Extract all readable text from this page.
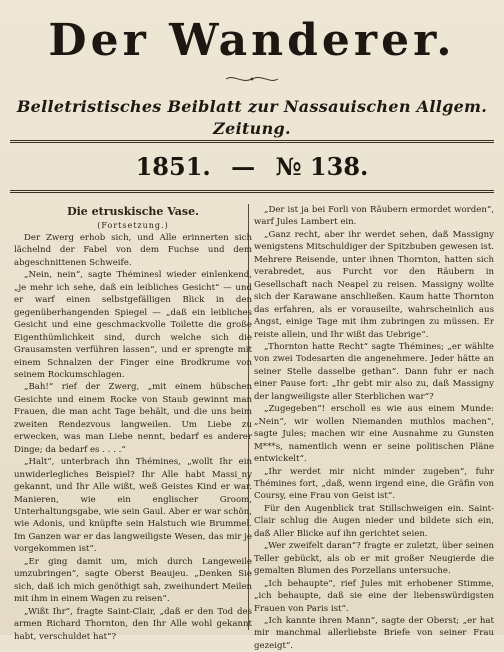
Der Wanderer.
Belletristisches Beiblatt zur Nassauischen Allgem. Zeitung.
1851. — № 138.

Die etruskische Vase.

(Fortsetzung.)

Der Zwerg erhob sich, und Alle erinnerten sich lächelnd der Fabel von dem Fuchse und dem abgeschnittenen Schweife.

„Nein, nein“, sagte Théminesl wieder einlenkend, „je mehr ich sehe, daß ein leibliches Gesicht“ — und er warf einen selbstgefälligen Blick in den gegenüberhangenden Spiegel — „daß ein leibliches Gesicht und eine geschmackvolle Toilette die große Eigenthümlichkeit sind, durch welche sich die Grausamsten verführen lassen“, und er sprengte mit einem Schnalzen der Finger eine Brodkrume von seinem Rockumschlagen.

„Bah!“ rief der Zwerg, „mit einem hübschen Gesichte und einem Rocke von Staub gewinnt man Frauen, die man acht Tage behält, und die uns beim zweiten Rendezvous langweilen. Um Liebe zu erwecken, was man Liebe nennt, bedarf es anderer Dinge; da bedarf es . . . .“

„Halt“, unterbrach ihn Thémines, „wollt Ihr ein unwiderlegliches Beispiel? Ihr Alle habt Massi_ny gekannt, und Ihr Alle wißt, weß Geistes Kind er war. Manieren, wie ein englischer Groom, Unterhaltungsgabe, wie sein Gaul. Aber er war schön, wie Adonis, und knüpfte sein Halstuch wie Brummel. Im Ganzen war er das langweiligste Wesen, das mir je vorgekommen ist“.

„Er ging damit um, mich durch Langeweile umzubringen“, sagte Oberst Beaujeu. „Denken Sie sich, daß ich mich genöthigt sah, zweihundert Meilen mit ihm in einem Wagen zu reisen“.

„Wißt Ihr“, fragte Saint-Clair, „daß er den Tod des armen Richard Thornton, den Ihr Alle wohl gekannt habt, verschuldet hat“?

„Der ist ja bei Forli von Räubern ermordet worden“, warf Jules Lambert ein.

„Ganz recht, aber ihr werdet sehen, daß Massigny wenigstens Mitschuldiger der Spitzbuben gewesen ist. Mehrere Reisende, unter ihnen Thornton, hatten sich verabredet, aus Furcht vor den Räubern in Gesellschaft nach Neapel zu reisen. Massigny wollte sich der Karawane anschließen. Kaum hatte Thornton das erfahren, als er vorauseilte, wahrscheinlich aus Angst, einige Tage mit ihm zubringen zu müssen. Er reiste allein, und Ihr wißt das Uebrige“.

„Thornton hatte Recht“ sagte Thémines; „er wählte von zwei Todesarten die angenehmere. Jeder hätte an seiner Stelle dasselbe gethan“. Dann fuhr er nach einer Pause fort: „Ihr gebt mir also zu, daß Massigny der langweiligste aller Sterblichen war“?

„Zugegeben“! erscholl es wie aus einem Munde: „Nein“, wir wollen Niemanden muthlos machen“, sagte Jules; machen wir eine Ausnahme zu Gunsten M***s, namentlich wenn er seine politischen Pläne entwickelt“.

„Ihr werdet mir nicht minder zugeben“, fuhr Thémines fort, „daß, wenn irgend eine, die Gräfin von Coursy, eine Frau von Geist ist“.

Für den Augenblick trat Stillschweigen ein. Saint-Clair schlug die Augen nieder und bildete sich ein, daß Aller Blicke auf ihn gerichtet seien.

„Wer zweifelt daran“? fragte er zuletzt, über seinen Teller gebückt, als ob er mit großer Neugierde die gemalten Blumen des Porzellans untersuche.

„Ich behaupte“, rief Jules mit erhobener Stimme, „ich behaupte, daß sie eine der liebenswürdigsten Frauen von Paris ist“.

„Ich kannte ihren Mann“, sagte der Oberst; „er hat mir manchmal allerliebste Briefe von seiner Frau gezeigt“.
